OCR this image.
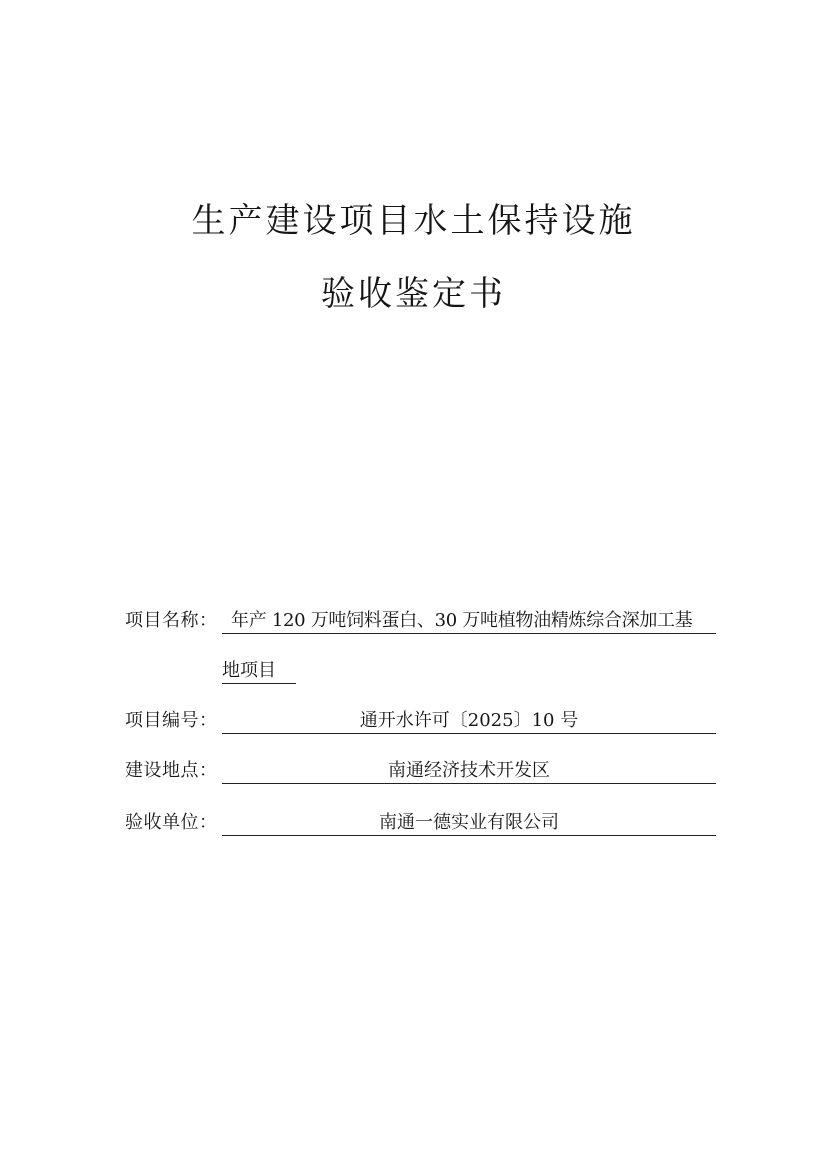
生产建设项目水土保持设施
验收鉴定书
项目名称： 年产 120 万吨饲料蛋白、30 万吨植物油精炼综合深加工基
地项目
项目编号：	通开水许可〔2025〕10 号
建设地点：	南通经济技术开发区
验收单位：	南通一德实业有限公司
